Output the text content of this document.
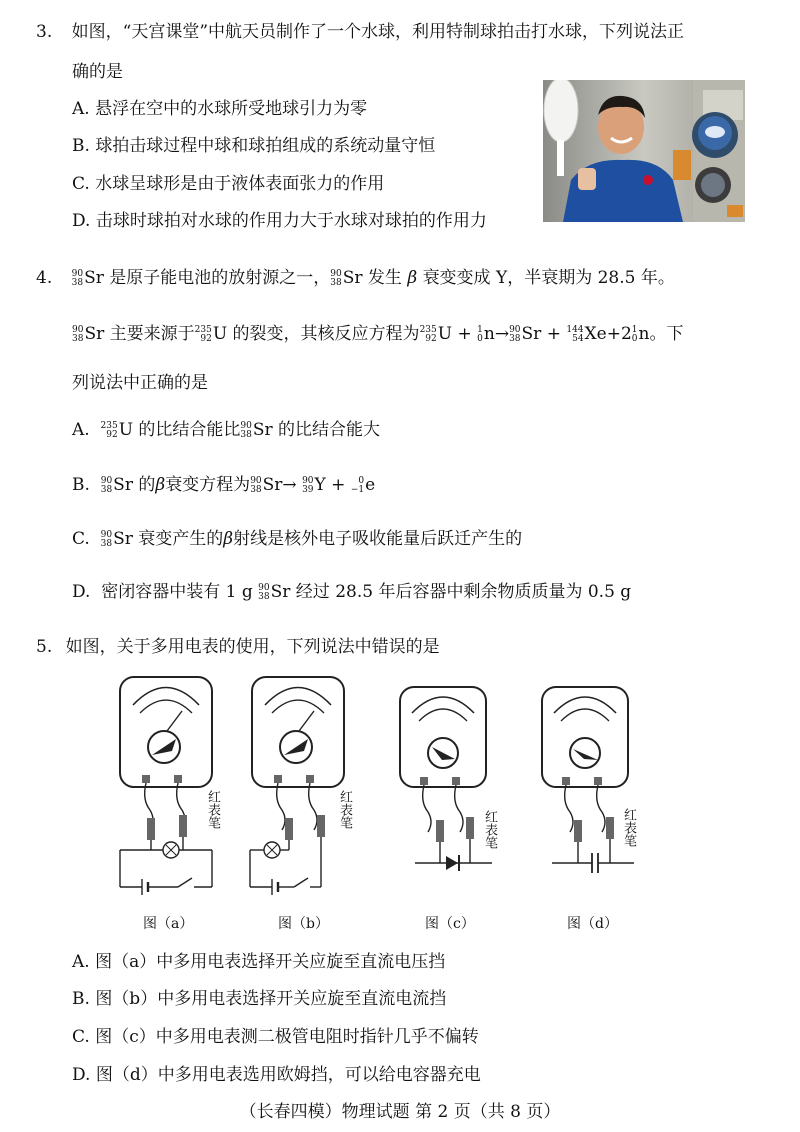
3. 如图，“天宫课堂”中航天员制作了一个水球，利用特制球拍击打水球，下列说法正
确的是
A. 悬浮在空中的水球所受地球引力为零
B. 球拍击球过程中球和球拍组成的系统动量守恒
C. 水球呈球形是由于液体表面张力的作用
D. 击球时球拍对水球的作用力大于水球对球拍的作用力
4. 90
38 Sr 是原子能电池的放射源之一， 90
38 Sr 发生 β 衰变变成 Y，半衰期为 28.5 年。
90
38 Sr 主要来源于 235
92 U 的裂变，其核反应方程为 235
92 U + 1
0 n→ 90
38 Sr + 144
54 Xe+2 1
0 n。下
列说法中正确的是
A. 235
92 U 的比结合能比 90
38 Sr 的比结合能大
B. 90
38 Sr 的β衰变方程为 90
38 Sr→ 90
39 Y + 0
−1 e
C. 90
38 Sr 衰变产生的β射线是核外电子吸收能量后跃迁产生的
D. 密闭容器中装有 1 g 90
38 Sr 经过 28.5 年后容器中剩余物质质量为 0.5 g
5. 如图，关于多用电表的使用，下列说法中错误的是
红表笔	红表笔
红表笔	红表笔
图（a）	图（b）	图（c）	图（d）
A. 图（a）中多用电表选择开关应旋至直流电压挡
B. 图（b）中多用电表选择开关应旋至直流电流挡
C. 图（c）中多用电表测二极管电阻时指针几乎不偏转
D. 图（d）中多用电表选用欧姆挡，可以给电容器充电
（长春四模）物理试题 第 2 页（共 8 页）
